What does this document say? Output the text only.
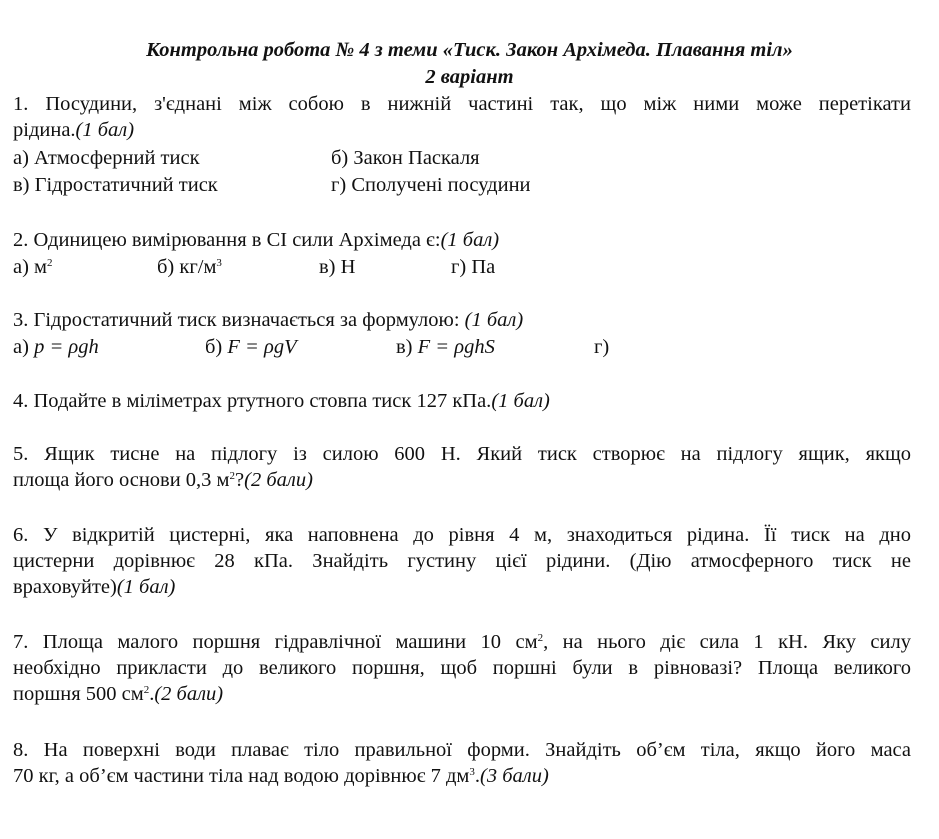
Контрольна робота № 4 з теми «Тиск. Закон Архімеда. Плавання тіл»
2 варіант
1. Посудини, з'єднані між собою в нижній частині так, що між ними може перетікати
рідина.(1 бал)
а) Атмосферний тиск	б) Закон Паскаля
в) Гідростатичний тиск	г) Сполучені посудини
2. Одиницею вимірювання в СІ сили Архімеда є:(1 бал)
а) $м^2$	б) $кг/м^3$	в) Н	г) Па
3. Гідростатичний тиск визначається за формулою: (1 бал)
а) p = ρgh	б) F = ρgV	в) F = ρghS	г)
4. Подайте в міліметрах ртутного стовпа тиск 127 кПа.(1 бал)
5. Ящик тисне на підлогу із силою 600 Н. Який тиск створює на підлогу ящик, якщо
площа його основи 0,3 $м^2?(2$ бали)
6. У відкритій цистерні, яка наповнена до рівня 4 м, знаходиться рідина. Її тиск на дно
цистерни дорівнює 28 кПа. Знайдіть густину цієї рідини. (Дію атмосферного тиск не
враховуйте)(1 бал)
7. Площа малого поршня гідравлічної машини 10 $см^2$, на нього діє сила 1 кН. Яку силу
необхідно прикласти до великого поршня, щоб поршні були в рівновазі? Площа великого
поршня 500 $см^2.(2$ бали)
8. На поверхні води плаває тіло правильної форми. Знайдіть об’єм тіла, якщо його маса
70 кг, а об’єм частини тіла над водою дорівнює 7 $дм^3.(3$ бали)
